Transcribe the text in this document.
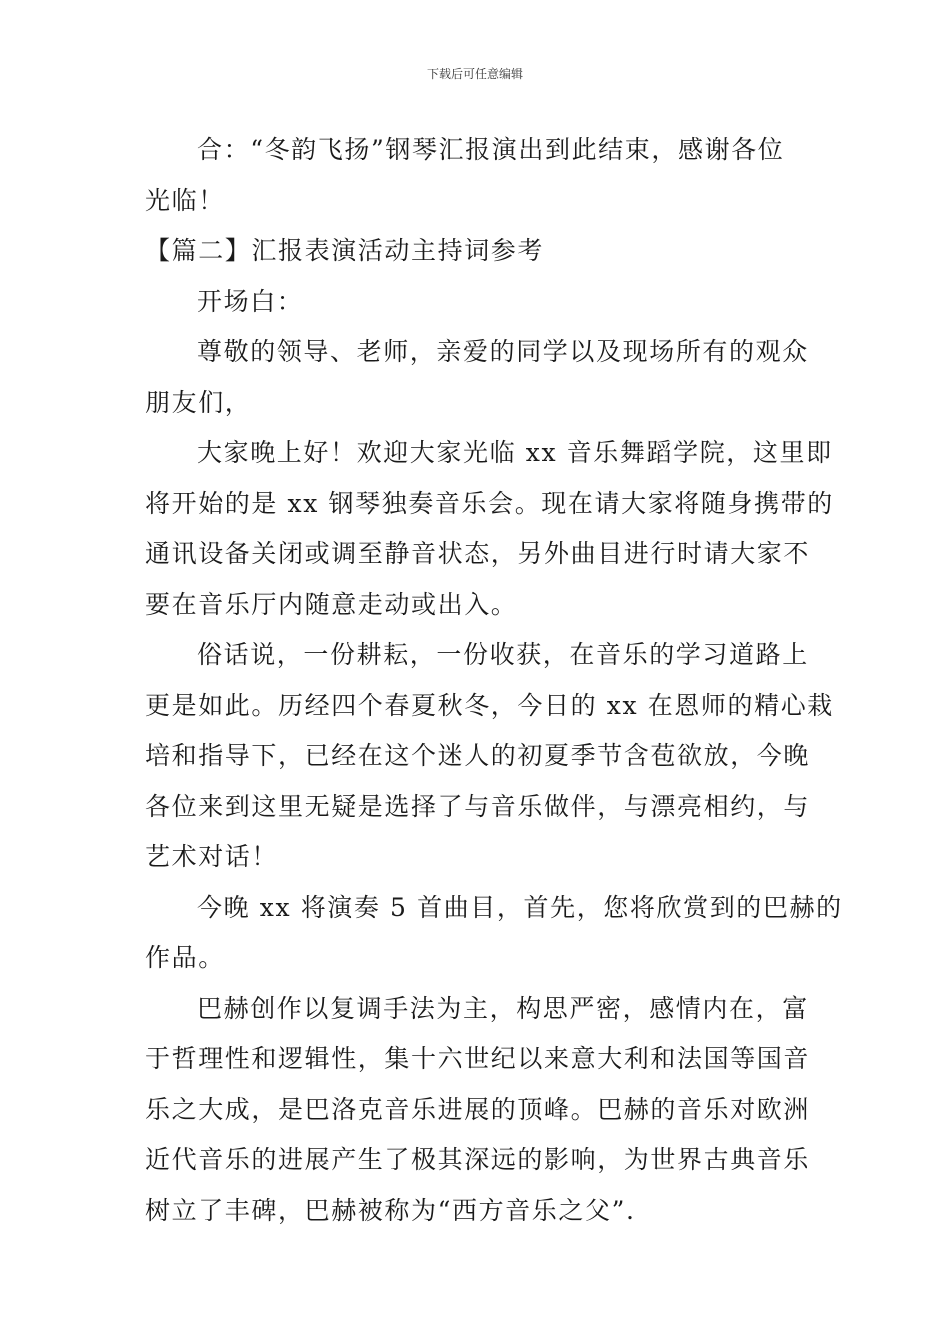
下载后可任意编辑
合：“冬韵飞扬”钢琴汇报演出到此结束，感谢各位
光临！
【篇二】汇报表演活动主持词参考
开场白：
尊敬的领导、老师，亲爱的同学以及现场所有的观众
朋友们，
大家晚上好！欢迎大家光临 xx 音乐舞蹈学院，这里即
将开始的是 xx 钢琴独奏音乐会。现在请大家将随身携带的
通讯设备关闭或调至静音状态，另外曲目进行时请大家不
要在音乐厅内随意走动或出入。
俗话说，一份耕耘，一份收获，在音乐的学习道路上
更是如此。历经四个春夏秋冬，今日的 xx 在恩师的精心栽
培和指导下，已经在这个迷人的初夏季节含苞欲放，今晚
各位来到这里无疑是选择了与音乐做伴，与漂亮相约，与
艺术对话！
今晚 xx 将演奏 5 首曲目，首先，您将欣赏到的巴赫的
作品。
巴赫创作以复调手法为主，构思严密，感情内在，富
于哲理性和逻辑性，集十六世纪以来意大利和法国等国音
乐之大成，是巴洛克音乐进展的顶峰。巴赫的音乐对欧洲
近代音乐的进展产生了极其深远的影响，为世界古典音乐
树立了丰碑，巴赫被称为“西方音乐之父”.
